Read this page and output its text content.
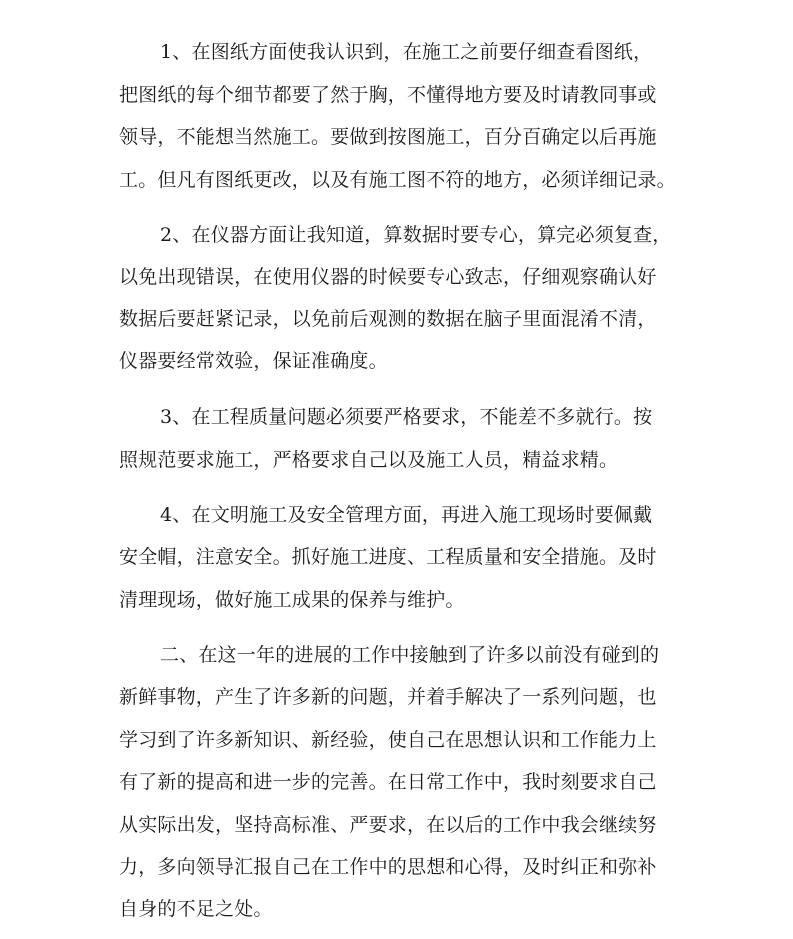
1、在图纸方面使我认识到，在施工之前要仔细查看图纸，

把图纸的每个细节都要了然于胸，不懂得地方要及时请教同事或

领导，不能想当然施工。要做到按图施工，百分百确定以后再施

工。但凡有图纸更改，以及有施工图不符的地方，必须详细记录。

2、在仪器方面让我知道，算数据时要专心，算完必须复查，

以免出现错误，在使用仪器的时候要专心致志，仔细观察确认好

数据后要赶紧记录，以免前后观测的数据在脑子里面混淆不清，

仪器要经常效验，保证准确度。

3、在工程质量问题必须要严格要求，不能差不多就行。按

照规范要求施工，严格要求自己以及施工人员，精益求精。

4、在文明施工及安全管理方面，再进入施工现场时要佩戴

安全帽，注意安全。抓好施工进度、工程质量和安全措施。及时

清理现场，做好施工成果的保养与维护。

二、在这一年的进展的工作中接触到了许多以前没有碰到的

新鲜事物，产生了许多新的问题，并着手解决了一系列问题，也

学习到了许多新知识、新经验，使自己在思想认识和工作能力上

有了新的提高和进一步的完善。在日常工作中，我时刻要求自己

从实际出发，坚持高标准、严要求，在以后的工作中我会继续努

力，多向领导汇报自己在工作中的思想和心得，及时纠正和弥补

自身的不足之处。
